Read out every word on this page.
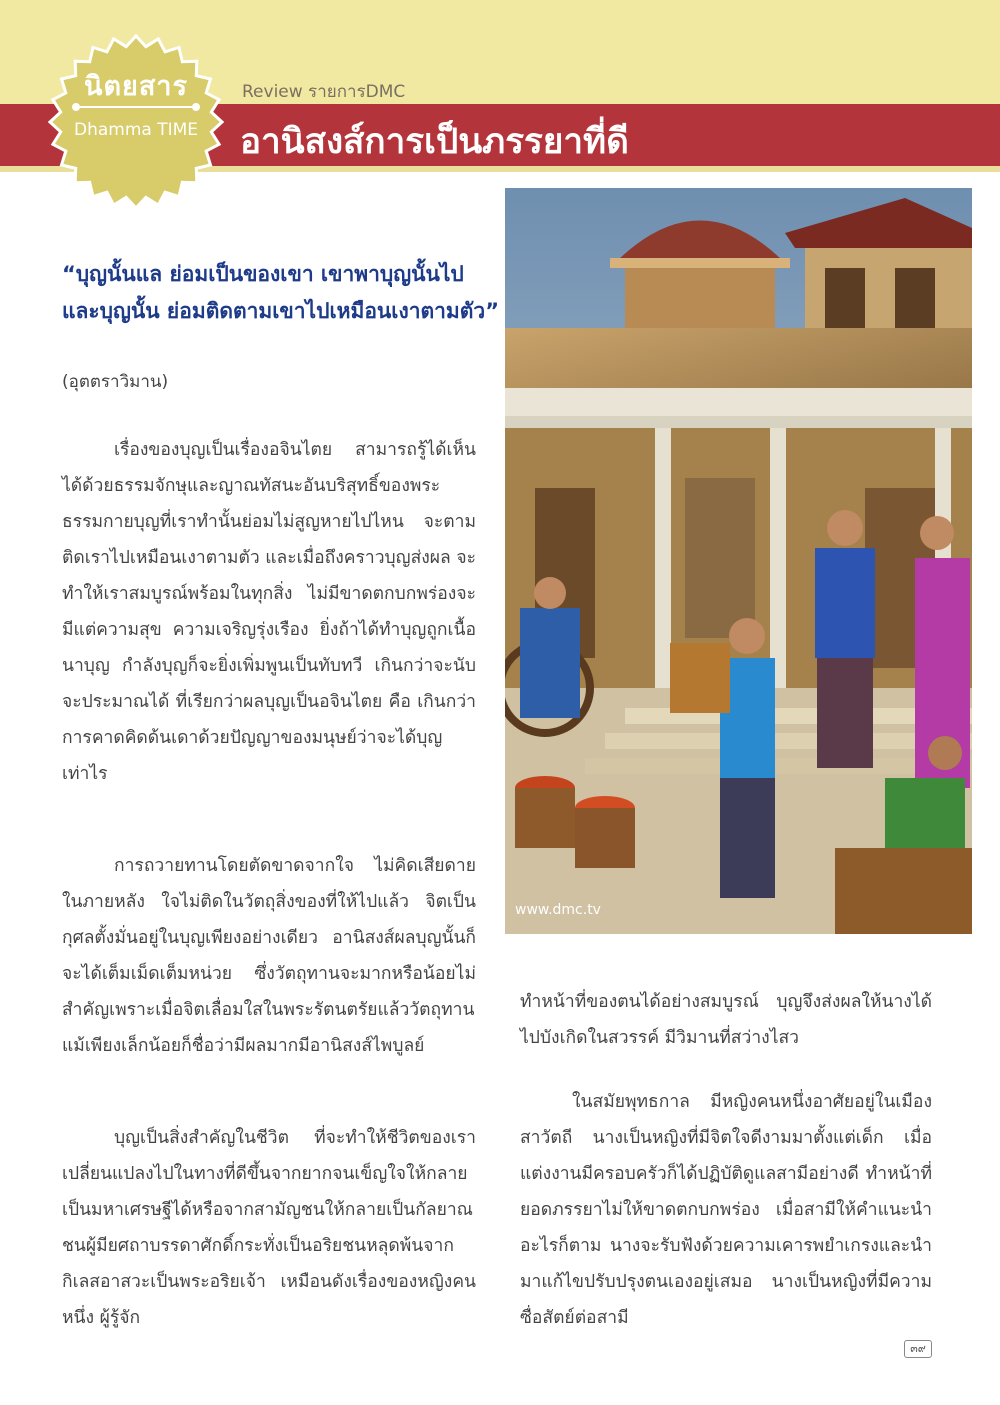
นิตยสาร
Dhamma TIME
Review รายการDMC
อานิสงส์การเป็นภรรยาที่ดี
“บุญนั้นแล ย่อมเป็นของเขา เขาพาบุญนั้นไป และบุญนั้น ย่อมติดตามเขาไปเหมือนเงาตามตัว”
(อุตตราวิมาน)
เรื่องของบุญเป็นเรื่องอจินไตย สามารถรู้ได้เห็นได้ด้วยธรรมจักษุและญาณทัสนะอันบริสุทธิ์ของพระธรรมกายบุญที่เราทำนั้นย่อมไม่สูญหายไปไหน จะตามติดเราไปเหมือนเงาตามตัว และเมื่อถึงคราวบุญส่งผล จะทำให้เราสมบูรณ์พร้อมในทุกสิ่ง ไม่มีขาดตกบกพร่องจะมีแต่ความสุข ความเจริญรุ่งเรือง ยิ่งถ้าได้ทำบุญถูกเนื้อนาบุญ กำลังบุญก็จะยิ่งเพิ่มพูนเป็นทับทวี เกินกว่าจะนับจะประมาณได้ ที่เรียกว่าผลบุญเป็นอจินไตย คือ เกินกว่าการคาดคิดด้นเดาด้วยปัญญาของมนุษย์ว่าจะได้บุญเท่าไร
การถวายทานโดยตัดขาดจากใจ ไม่คิดเสียดายในภายหลัง ใจไม่ติดในวัตถุสิ่งของที่ให้ไปแล้ว จิตเป็นกุศลตั้งมั่นอยู่ในบุญเพียงอย่างเดียว อานิสงส์ผลบุญนั้นก็จะได้เต็มเม็ดเต็มหน่วย ซึ่งวัตถุทานจะมากหรือน้อยไม่สำคัญเพราะเมื่อจิตเลื่อมใสในพระรัตนตรัยแล้ววัตถุทานแม้เพียงเล็กน้อยก็ชื่อว่ามีผลมากมีอานิสงส์ไพบูลย์
บุญเป็นสิ่งสำคัญในชีวิต ที่จะทำให้ชีวิตของเราเปลี่ยนแปลงไปในทางที่ดีขึ้นจากยากจนเข็ญใจให้กลายเป็นมหาเศรษฐีได้หรือจากสามัญชนให้กลายเป็นกัลยาณชนผู้มียศถาบรรดาศักดิ์กระทั่งเป็นอริยชนหลุดพ้นจากกิเลสอาสวะเป็นพระอริยเจ้า เหมือนดังเรื่องของหญิงคนหนึ่ง ผู้รู้จัก
ทำหน้าที่ของตนได้อย่างสมบูรณ์ บุญจึงส่งผลให้นางได้ไปบังเกิดในสวรรค์ มีวิมานที่สว่างไสว
ในสมัยพุทธกาล มีหญิงคนหนึ่งอาศัยอยู่ในเมืองสาวัตถี นางเป็นหญิงที่มีจิตใจดีงามมาตั้งแต่เด็ก เมื่อแต่งงานมีครอบครัวก็ได้ปฏิบัติดูแลสามีอย่างดี ทำหน้าที่ยอดภรรยาไม่ให้ขาดตกบกพร่อง เมื่อสามีให้คำแนะนำอะไรก็ตาม นางจะรับฟังด้วยความเคารพยำเกรงและนำมาแก้ไขปรับปรุงตนเองอยู่เสมอ นางเป็นหญิงที่มีความซื่อสัตย์ต่อสามี
www.dmc.tv
๓๙
